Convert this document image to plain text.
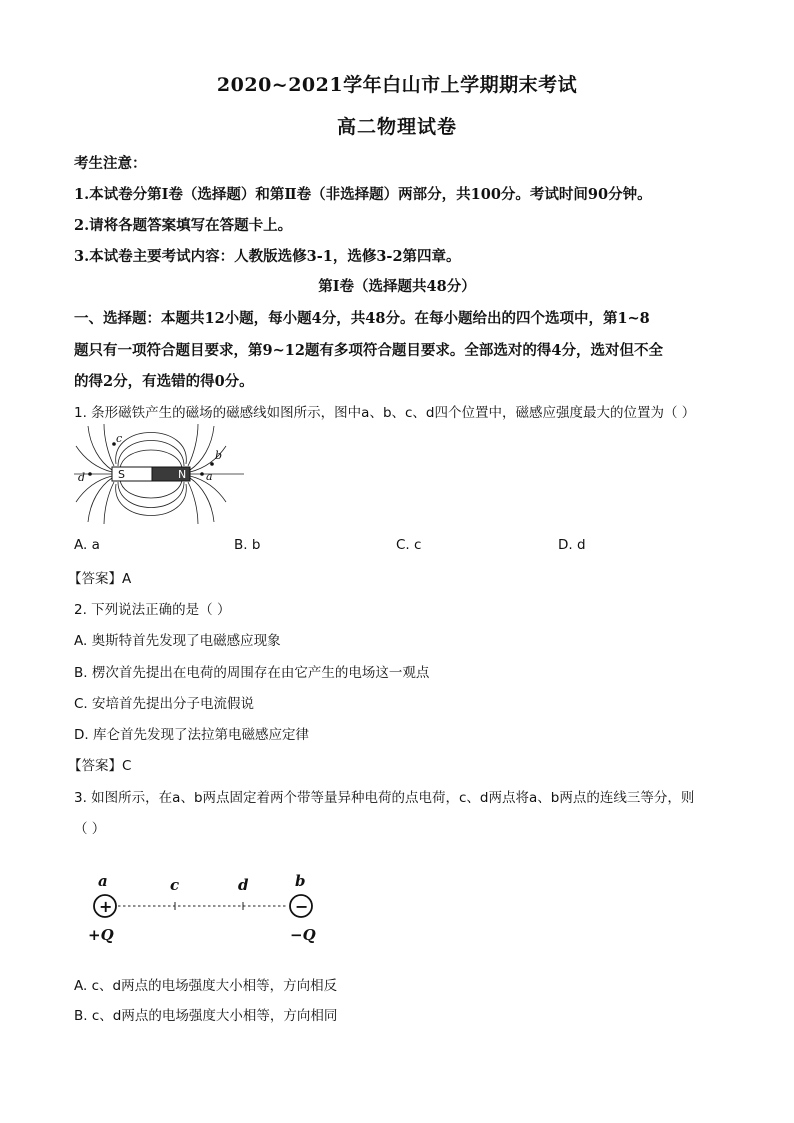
2020~2021学年白山市上学期期末考试
高二物理试卷
考生注意：
1.本试卷分第Ⅰ卷（选择题）和第Ⅱ卷（非选择题）两部分，共100分。考试时间90分钟。
2.请将各题答案填写在答题卡上。
3.本试卷主要考试内容：人教版选修3-1，选修3-2第四章。
第Ⅰ卷（选择题共48分）
一、选择题：本题共12小题，每小题4分，共48分。在每小题给出的四个选项中，第1~8
题只有一项符合题目要求，第9~12题有多项符合题目要求。全部选对的得4分，选对但不全
的得2分，有选错的得0分。
1. 条形磁铁产生的磁场的磁感线如图所示，图中a、b、c、d四个位置中，磁感应强度最大的位置为（ ）
S	N a
b
c
d
A. a	B. b	C. c	D. d
【答案】A
2. 下列说法正确的是（ ）
A. 奥斯特首先发现了电磁感应现象
B. 楞次首先提出在电荷的周围存在由它产生的电场这一观点
C. 安培首先提出分子电流假说
D. 库仑首先发现了法拉第电磁感应定律
【答案】C
3. 如图所示，在a、b两点固定着两个带等量异种电荷的点电荷，c、d两点将a、b两点的连线三等分，则
（ ）
a	c	d	b
+	−
+Q	−Q
A. c、d两点的电场强度大小相等，方向相反
B. c、d两点的电场强度大小相等，方向相同
